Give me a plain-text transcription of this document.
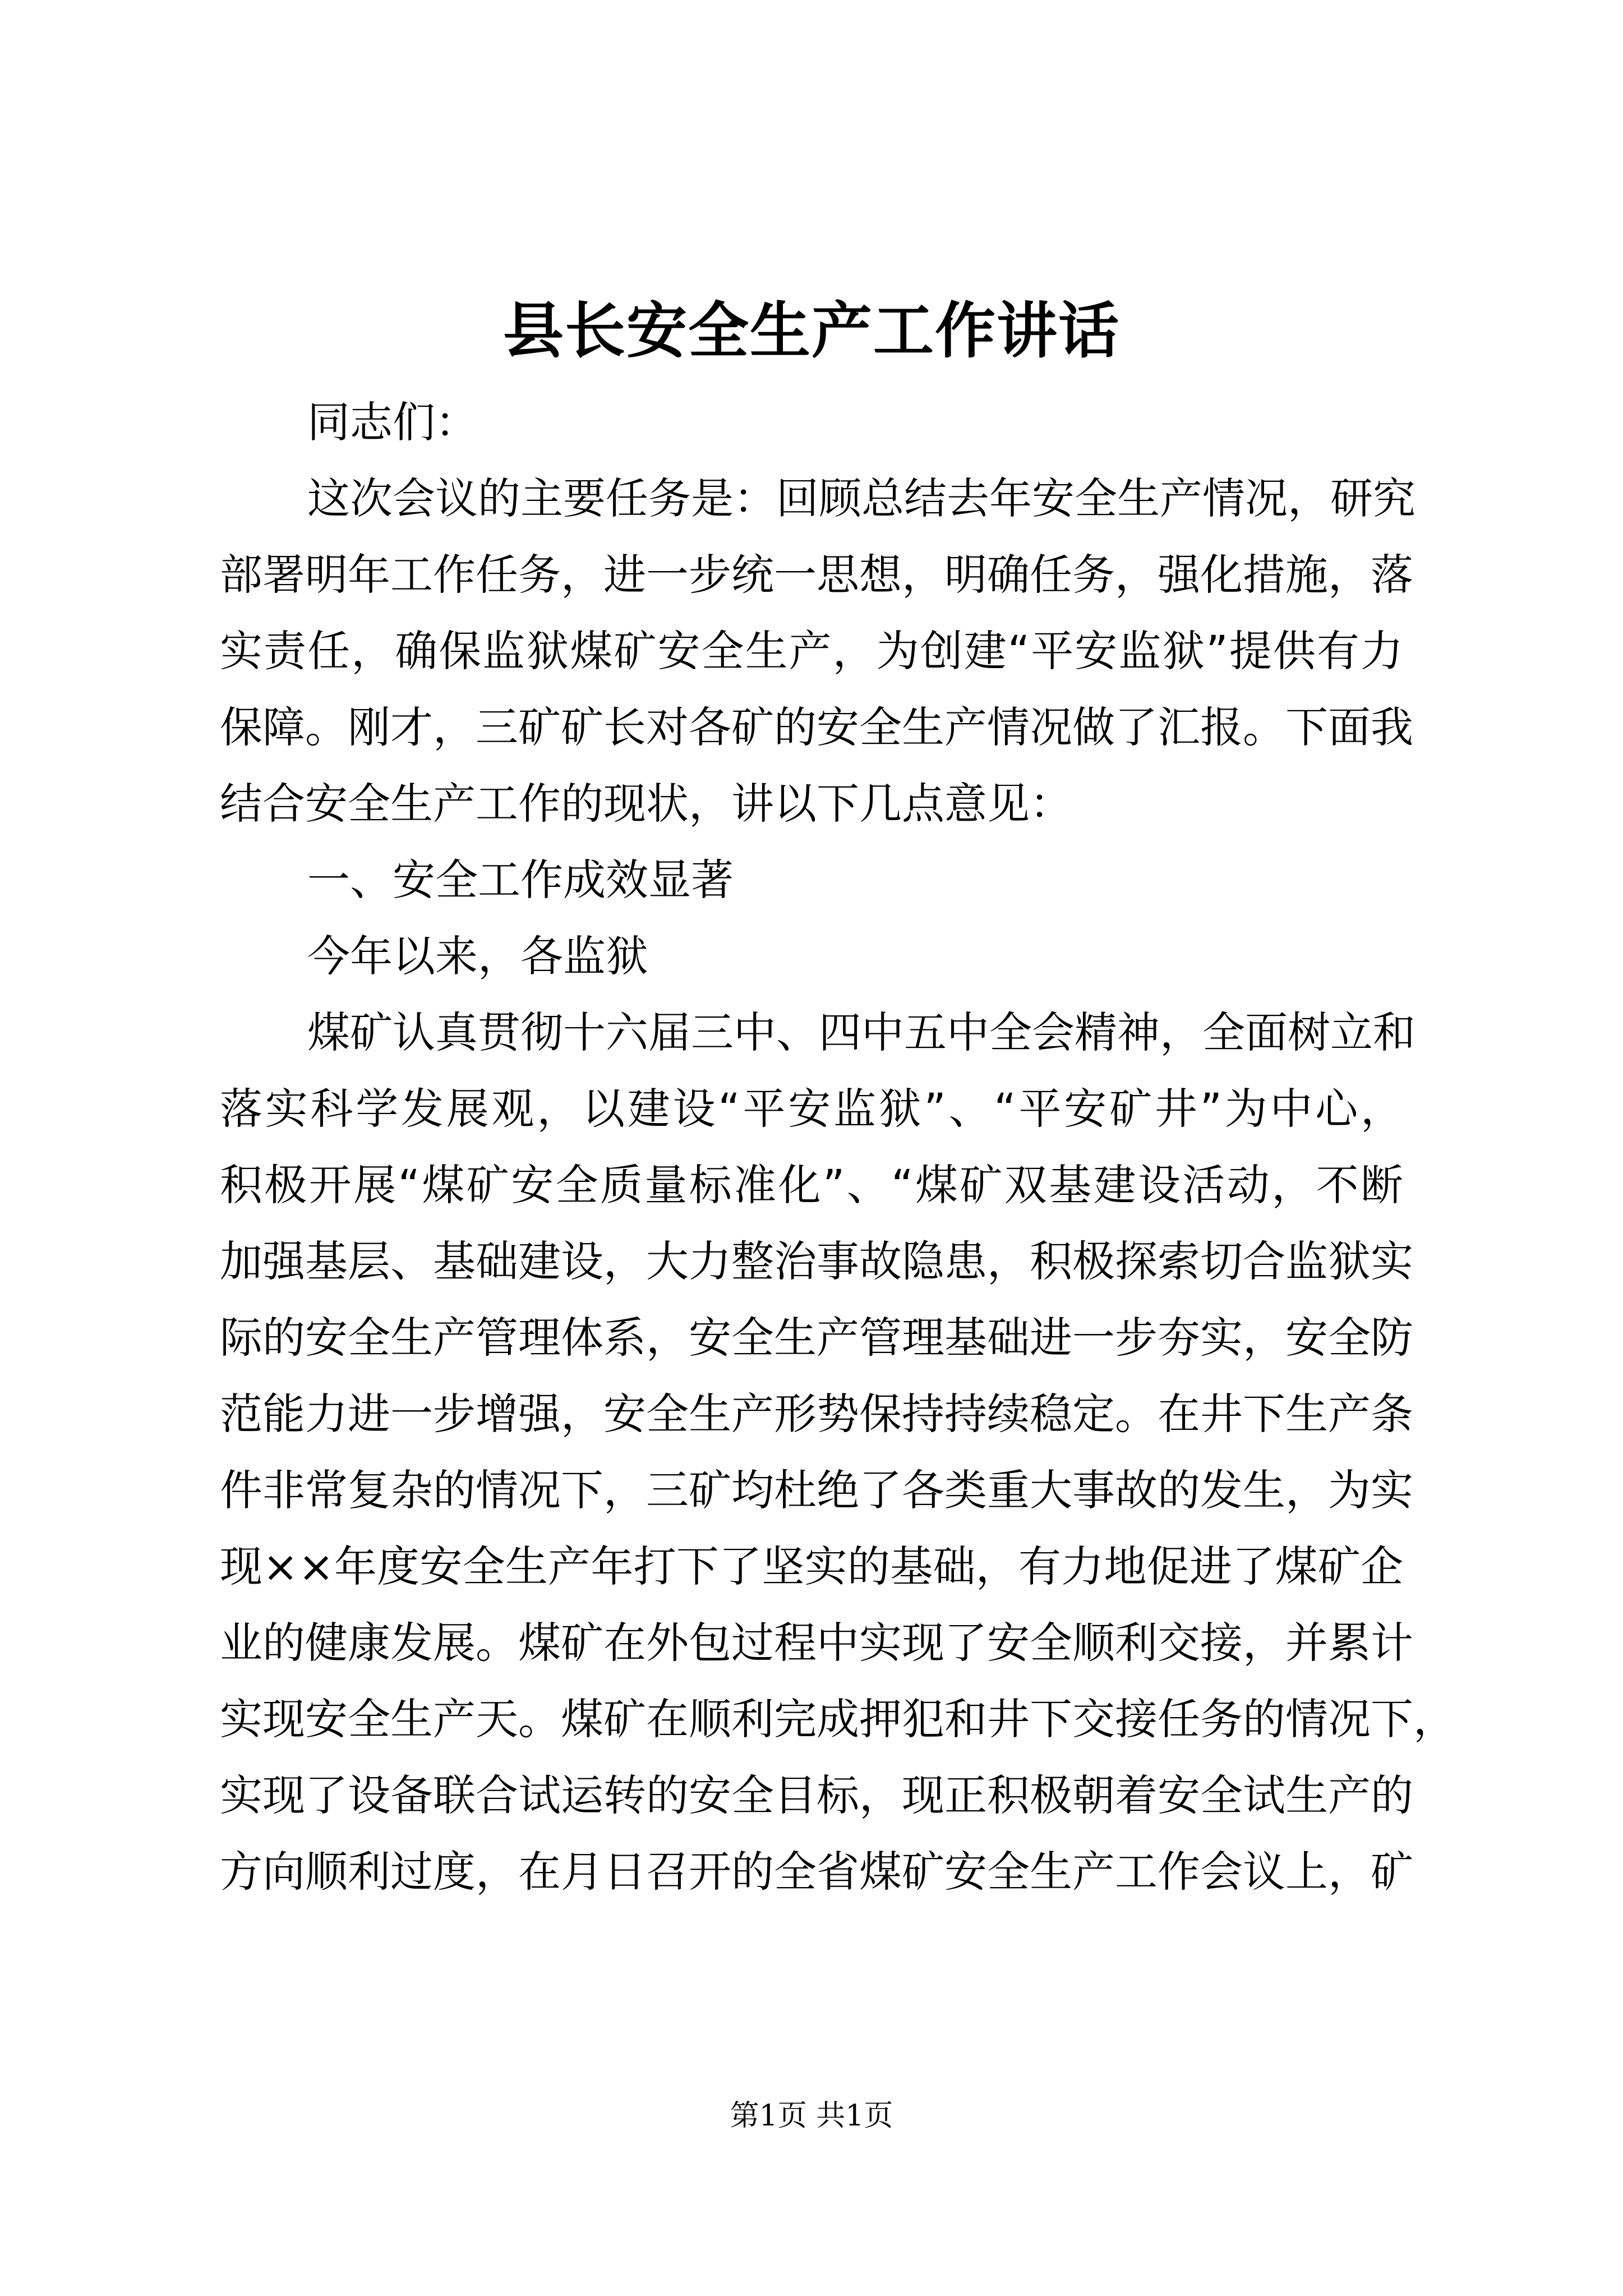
县长安全生产工作讲话
同志们：
这次会议的主要任务是：回顾总结去年安全生产情况，研究
部署明年工作任务，进一步统一思想，明确任务，强化措施，落
实责任，确保监狱煤矿安全生产，为创建“平安监狱”提供有力
保障。刚才，三矿矿长对各矿的安全生产情况做了汇报。下面我
结合安全生产工作的现状，讲以下几点意见：
一、安全工作成效显著
今年以来，各监狱
煤矿认真贯彻十六届三中、四中五中全会精神，全面树立和
落实科学发展观，以建设“平安监狱”、“平安矿井”为中心，
积极开展“煤矿安全质量标准化”、“煤矿双基建设活动，不断
加强基层、基础建设，大力整治事故隐患，积极探索切合监狱实
际的安全生产管理体系，安全生产管理基础进一步夯实，安全防
范能力进一步增强，安全生产形势保持持续稳定。在井下生产条
件非常复杂的情况下，三矿均杜绝了各类重大事故的发生，为实
现××年度安全生产年打下了坚实的基础，有力地促进了煤矿企
业的健康发展。煤矿在外包过程中实现了安全顺利交接，并累计
实现安全生产天。煤矿在顺利完成押犯和井下交接任务的情况下，
实现了设备联合试运转的安全目标，现正积极朝着安全试生产的
方向顺利过度，在月日召开的全省煤矿安全生产工作会议上，矿
第1页 共1页
